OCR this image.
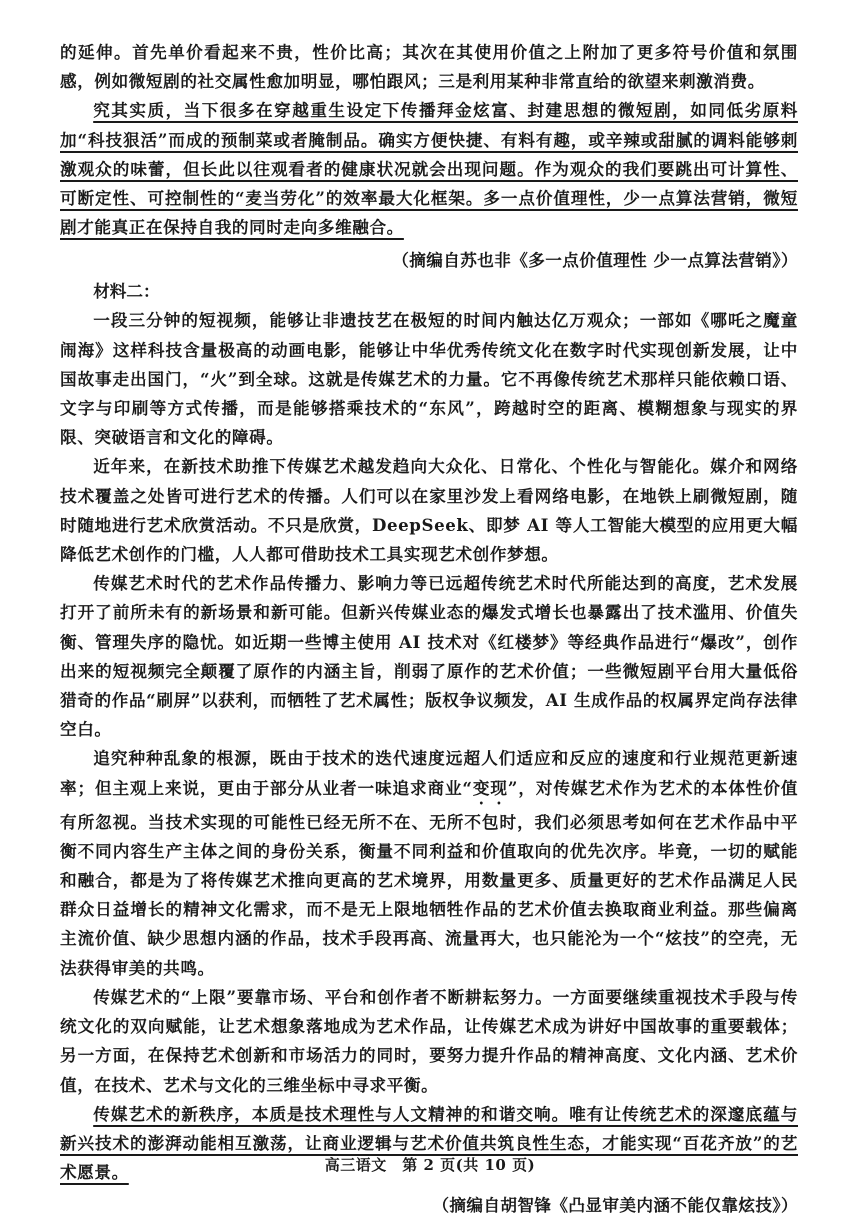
的延伸。首先单价看起来不贵，性价比高；其次在其使用价值之上附加了更多符号价值和氛围感，例如微短剧的社交属性愈加明显，哪怕跟风；三是利用某种非常直给的欲望来刺激消费。

究其实质，当下很多在穿越重生设定下传播拜金炫富、封建思想的微短剧，如同低劣原料加“科技狠活”而成的预制菜或者腌制品。确实方便快捷、有料有趣，或辛辣或甜腻的调料能够刺激观众的味蕾，但长此以往观看者的健康状况就会出现问题。作为观众的我们要跳出可计算性、可断定性、可控制性的“麦当劳化”的效率最大化框架。多一点价值理性，少一点算法营销，微短剧才能真正在保持自我的同时走向多维融合。

（摘编自苏也非《多一点价值理性 少一点算法营销》）

材料二：

一段三分钟的短视频，能够让非遗技艺在极短的时间内触达亿万观众；一部如《哪吒之魔童闹海》这样科技含量极高的动画电影，能够让中华优秀传统文化在数字时代实现创新发展，让中国故事走出国门，“火”到全球。这就是传媒艺术的力量。它不再像传统艺术那样只能依赖口语、文字与印刷等方式传播，而是能够搭乘技术的“东风”，跨越时空的距离、模糊想象与现实的界限、突破语言和文化的障碍。

近年来，在新技术助推下传媒艺术越发趋向大众化、日常化、个性化与智能化。媒介和网络技术覆盖之处皆可进行艺术的传播。人们可以在家里沙发上看网络电影，在地铁上刷微短剧，随时随地进行艺术欣赏活动。不只是欣赏，DeepSeek、即梦 AI 等人工智能大模型的应用更大幅降低艺术创作的门槛，人人都可借助技术工具实现艺术创作梦想。

传媒艺术时代的艺术作品传播力、影响力等已远超传统艺术时代所能达到的高度，艺术发展打开了前所未有的新场景和新可能。但新兴传媒业态的爆发式增长也暴露出了技术滥用、价值失衡、管理失序的隐忧。如近期一些博主使用 AI 技术对《红楼梦》等经典作品进行“爆改”，创作出来的短视频完全颠覆了原作的内涵主旨，削弱了原作的艺术价值；一些微短剧平台用大量低俗猎奇的作品“刷屏”以获利，而牺牲了艺术属性；版权争议频发，AI 生成作品的权属界定尚存法律空白。

追究种种乱象的根源，既由于技术的迭代速度远超人们适应和反应的速度和行业规范更新速率；但主观上来说，更由于部分从业者一味追求商业“变现”，对传媒艺术作为艺术的本体性价值有所忽视。当技术实现的可能性已经无所不在、无所不包时，我们必须思考如何在艺术作品中平衡不同内容生产主体之间的身份关系，衡量不同利益和价值取向的优先次序。毕竟，一切的赋能和融合，都是为了将传媒艺术推向更高的艺术境界，用数量更多、质量更好的艺术作品满足人民群众日益增长的精神文化需求，而不是无上限地牺牲作品的艺术价值去换取商业利益。那些偏离主流价值、缺少思想内涵的作品，技术手段再高、流量再大，也只能沦为一个“炫技”的空壳，无法获得审美的共鸣。

传媒艺术的“上限”要靠市场、平台和创作者不断耕耘努力。一方面要继续重视技术手段与传统文化的双向赋能，让艺术想象落地成为艺术作品，让传媒艺术成为讲好中国故事的重要载体；另一方面，在保持艺术创新和市场活力的同时，要努力提升作品的精神高度、文化内涵、艺术价值，在技术、艺术与文化的三维坐标中寻求平衡。

传媒艺术的新秩序，本质是技术理性与人文精神的和谐交响。唯有让传统艺术的深邃底蕴与新兴技术的澎湃动能相互激荡，让商业逻辑与艺术价值共筑良性生态，才能实现“百花齐放”的艺术愿景。

（摘编自胡智锋《凸显审美内涵不能仅靠炫技》）

高三语文　第 2 页(共 10 页)
